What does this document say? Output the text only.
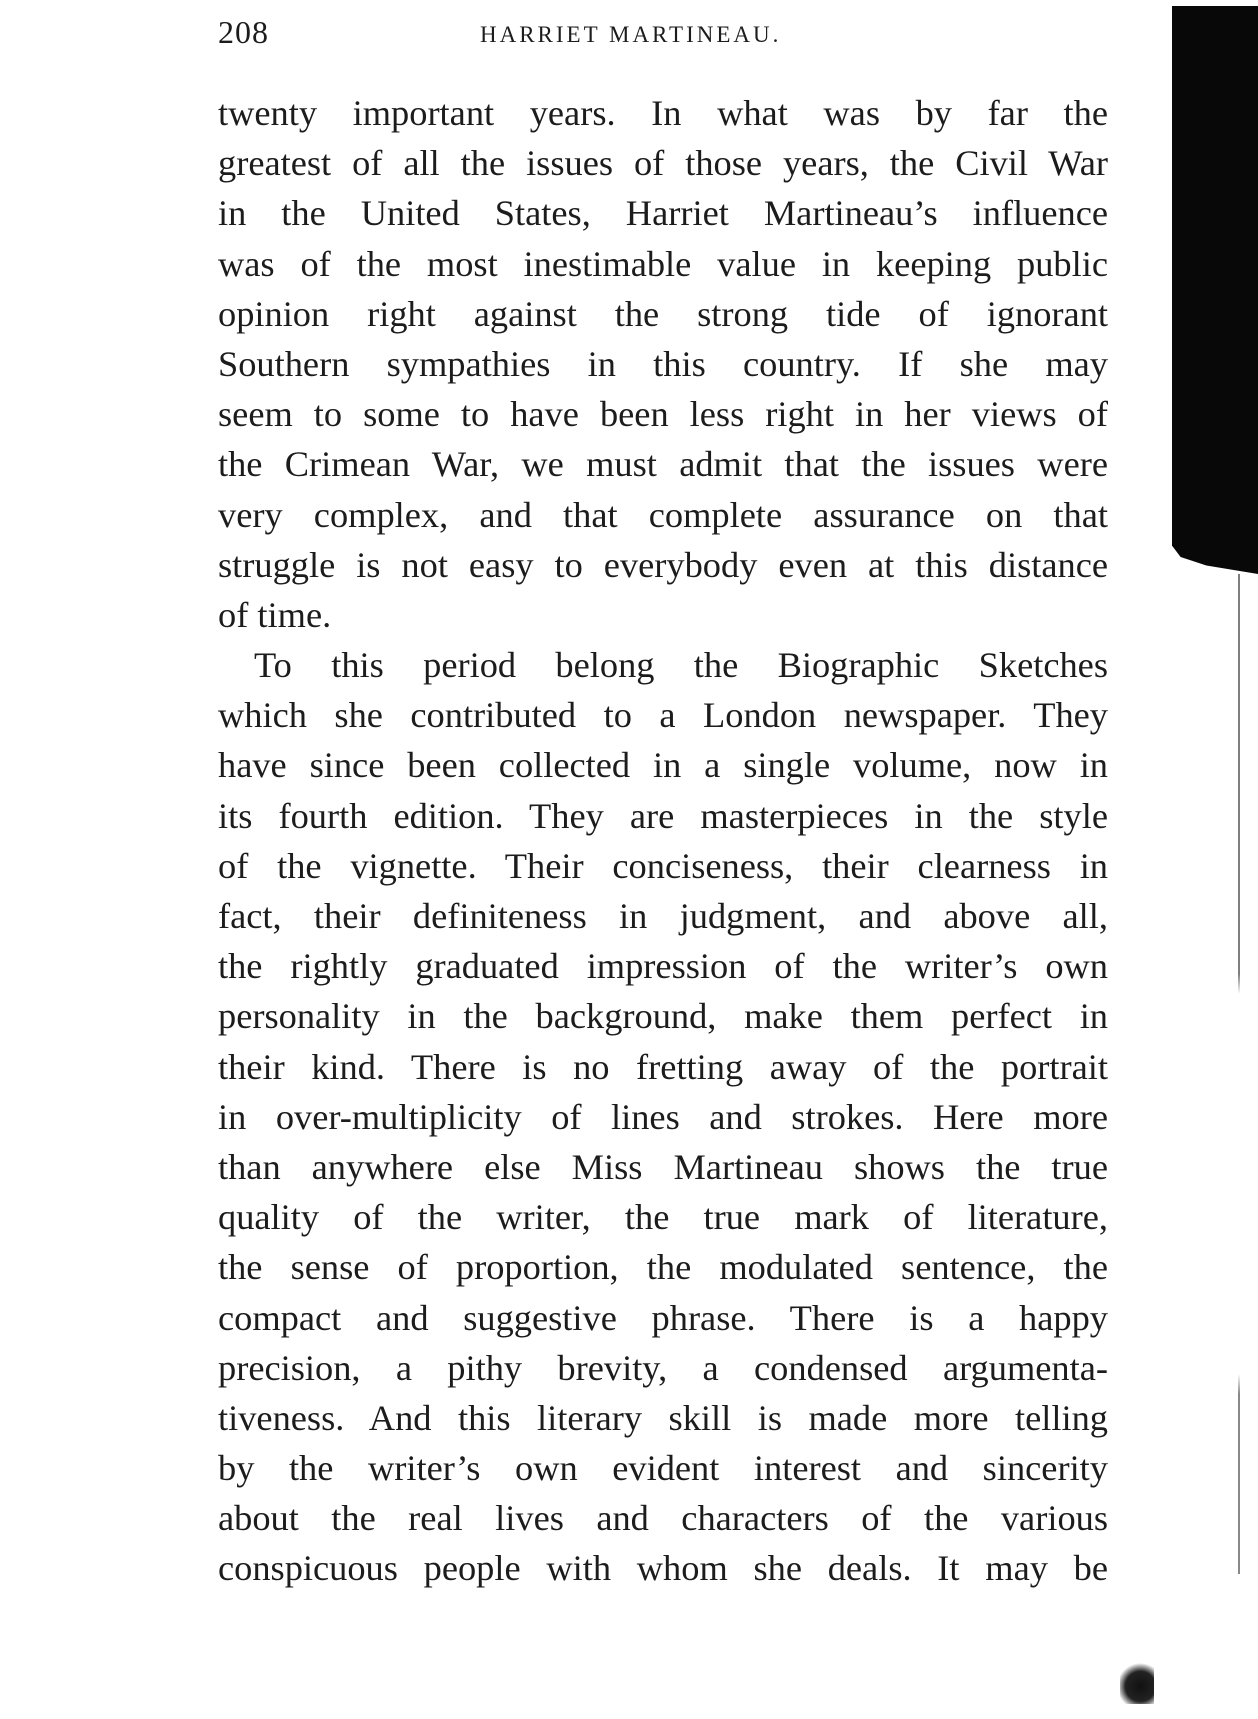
208	HARRIET MARTINEAU.
twenty important years. In what was by far the
greatest of all the issues of those years, the Civil War
in the United States, Harriet Martineau’s influence
was of the most inestimable value in keeping public
opinion right against the strong tide of ignorant
Southern sympathies in this country. If she may
seem to some to have been less right in her views of
the Crimean War, we must admit that the issues were
very complex, and that complete assurance on that
struggle is not easy to everybody even at this distance
of time.
To this period belong the Biographic Sketches
which she contributed to a London newspaper. They
have since been collected in a single volume, now in
its fourth edition. They are masterpieces in the style
of the vignette. Their conciseness, their clearness in
fact, their definiteness in judgment, and above all,
the rightly graduated impression of the writer’s own
personality in the background, make them perfect in
their kind. There is no fretting away of the portrait
in over-multiplicity of lines and strokes. Here more
than anywhere else Miss Martineau shows the true
quality of the writer, the true mark of literature,
the sense of proportion, the modulated sentence, the
compact and suggestive phrase. There is a happy
precision, a pithy brevity, a condensed argumenta-
tiveness. And this literary skill is made more telling
by the writer’s own evident interest and sincerity
about the real lives and characters of the various
conspicuous people with whom she deals. It may be
